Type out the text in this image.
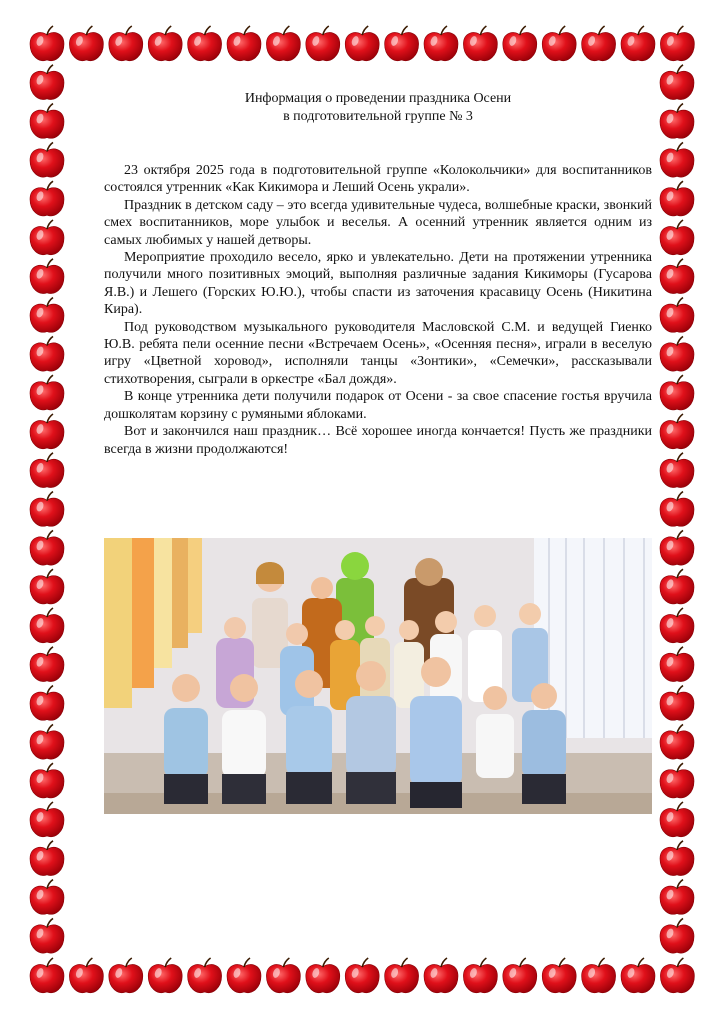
Информация о проведении праздника Осени
в подготовительной группе № 3

23 октября 2025 года в подготовительной группе «Колокольчики» для воспитанников состоялся утренник «Как Кикимора и Леший Осень украли».

Праздник в детском саду – это всегда удивительные чудеса, волшебные краски, звонкий смех воспитанников, море улыбок и веселья. А осенний утренник является одним из самых любимых у нашей детворы.

Мероприятие проходило весело, ярко и увлекательно. Дети на протяжении утренника получили много позитивных эмоций, выполняя различные задания Кикиморы (Гусарова Я.В.) и Лешего (Горских Ю.Ю.), чтобы спасти из заточения красавицу Осень (Никитина Кира).

Под руководством музыкального руководителя Масловской С.М. и ведущей Гиенко Ю.В. ребята пели осенние песни «Встречаем Осень», «Осенняя песня», играли в веселую игру «Цветной хоровод», исполняли танцы «Зонтики», «Семечки», рассказывали стихотворения, сыграли в оркестре «Бал дождя».

В конце утренника дети получили подарок от Осени - за свое спасение гостья вручила дошколятам корзину с румяными яблоками.

Вот и закончился наш праздник… Всё хорошее иногда кончается! Пусть же праздники всегда в жизни продолжаются!
